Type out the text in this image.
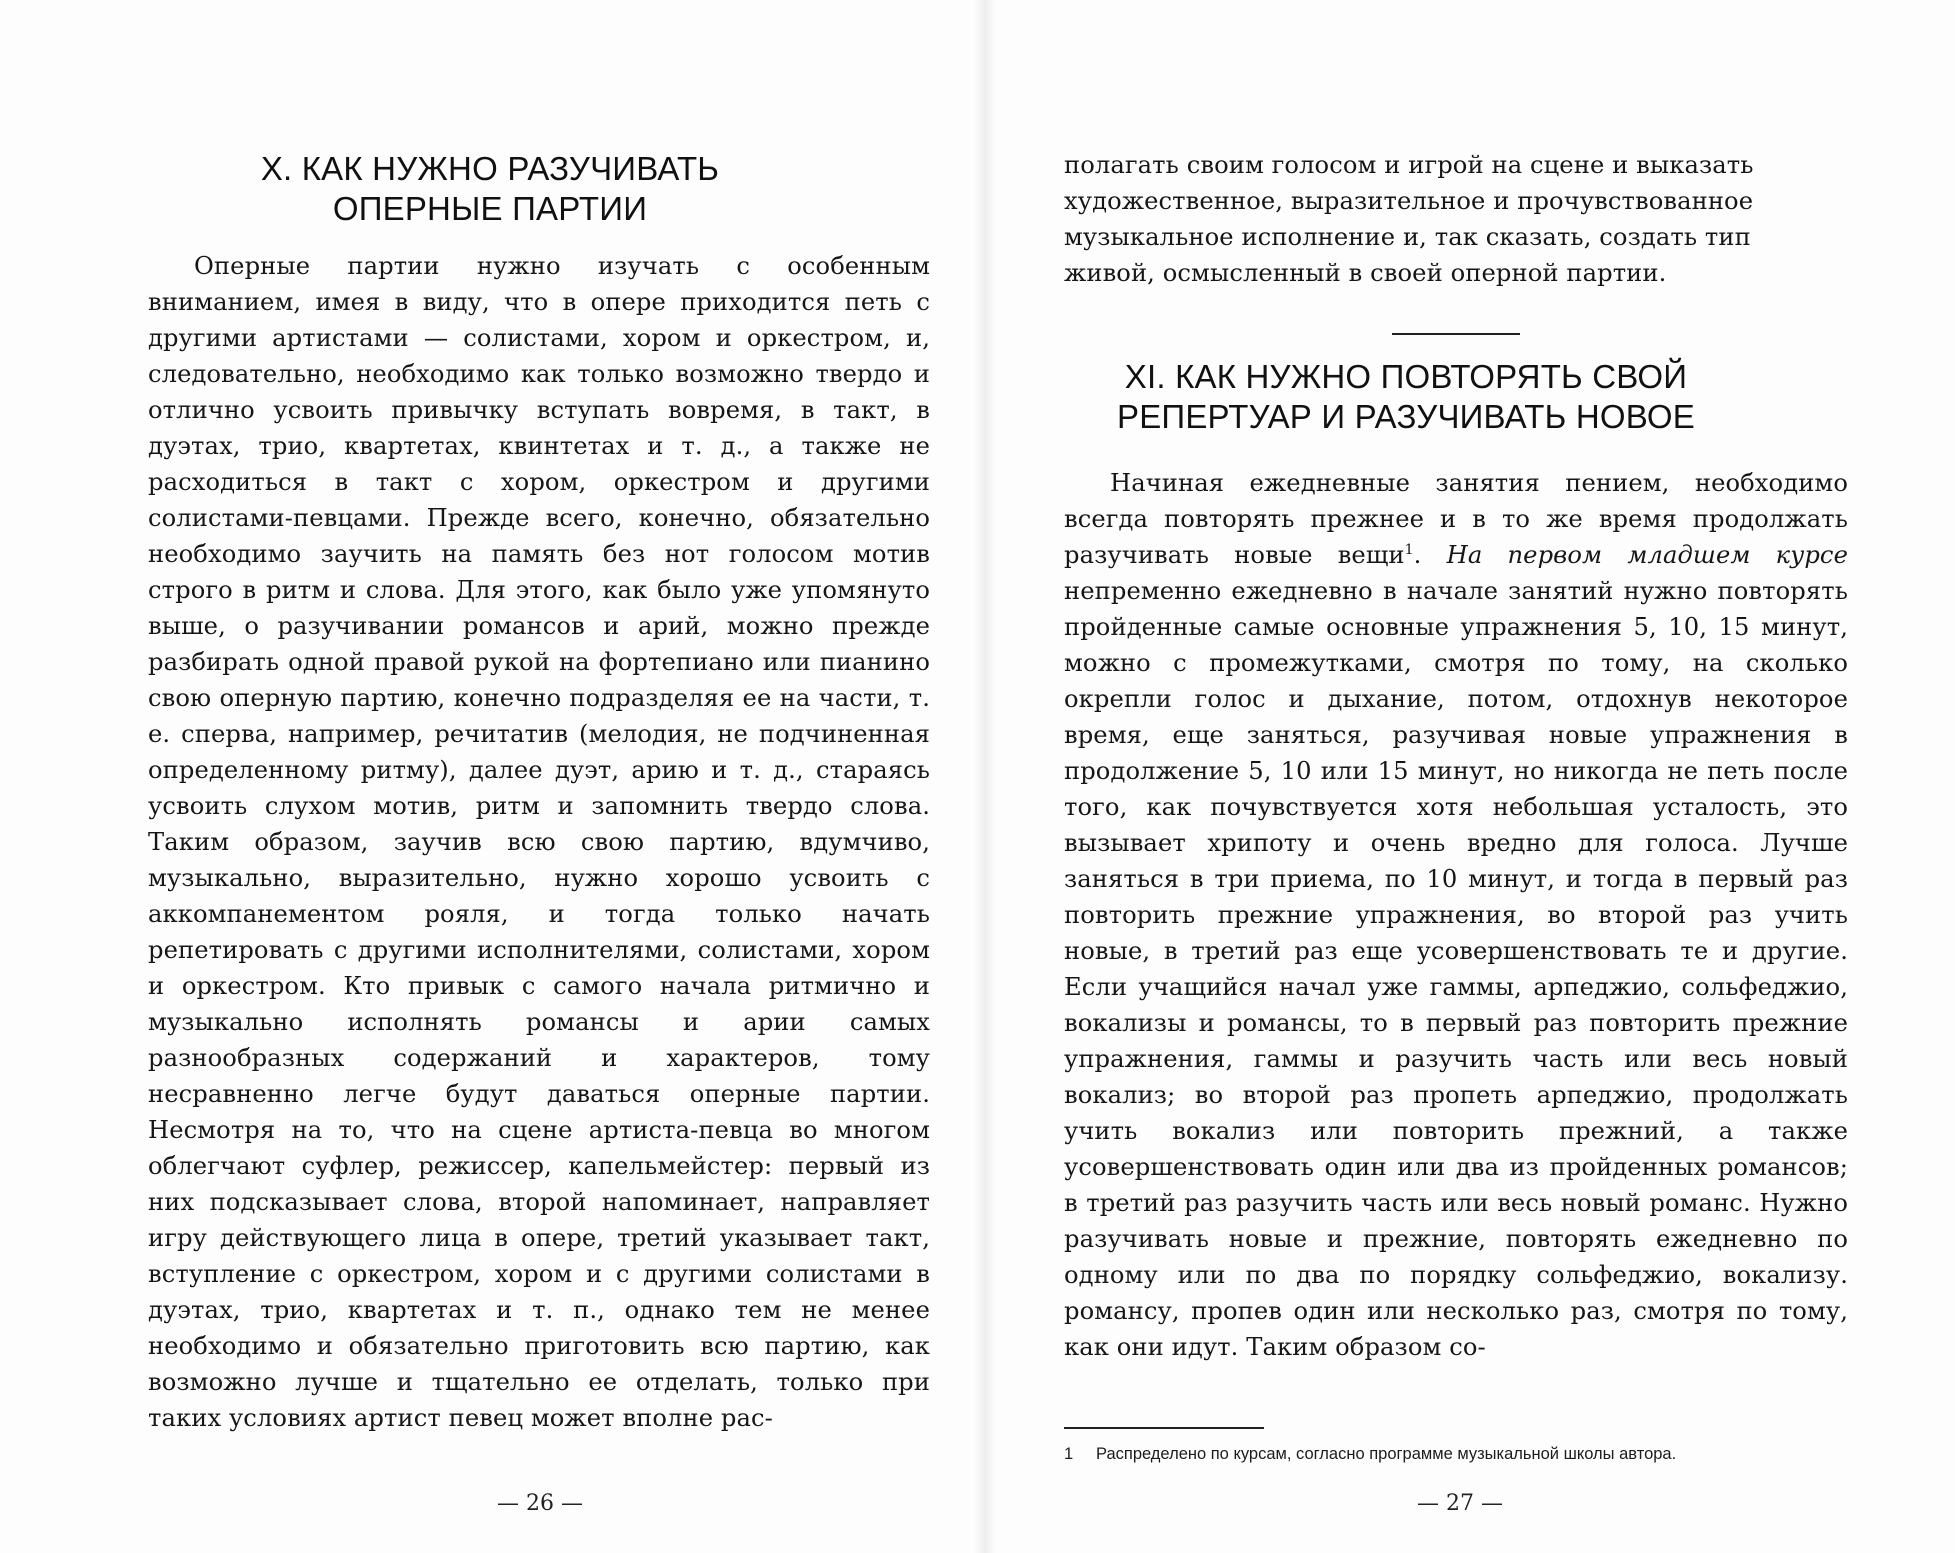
X. КАК НУЖНО РАЗУЧИВАТЬ
ОПЕРНЫЕ ПАРТИИ

Оперные партии нужно изучать с особенным вниманием, имея в виду, что в опере приходится петь с другими артистами — солистами, хором и оркестром, и, следовательно, необходимо как только возможно твердо и отлично усвоить привычку вступать вовремя, в такт, в дуэтах, трио, квартетах, квинтетах и т. д., а также не расходиться в такт с хором, оркестром и другими солистами-певцами. Прежде всего, конечно, обязательно необходимо заучить на память без нот голосом мотив строго в ритм и слова. Для этого, как было уже упомянуто выше, о разучивании романсов и арий, можно прежде разбирать одной правой рукой на фортепиано или пианино свою оперную партию, конечно подразделяя ее на части, т. е. сперва, например, речитатив (мелодия, не подчиненная определенному ритму), далее дуэт, арию и т. д., стараясь усвоить слухом мотив, ритм и запомнить твердо слова. Таким образом, заучив всю свою партию, вдумчиво, музыкально, выразительно, нужно хорошо усвоить с аккомпанементом рояля, и тогда только начать репетировать с другими исполнителями, солистами, хором и оркестром. Кто привык с самого начала ритмично и музыкально исполнять романсы и арии самых разнообразных содержаний и характеров, тому несравненно легче будут даваться оперные партии. Несмотря на то, что на сцене артиста-певца во многом облегчают суфлер, режиссер, капельмейстер: первый из них подсказывает слова, второй напоминает, направляет игру действующего лица в опере, третий указывает такт, вступление с оркестром, хором и с другими солистами в дуэтах, трио, квартетах и т. п., однако тем не менее необходимо и обязательно приготовить всю партию, как возможно лучше и тщательно ее отделать, только при таких условиях артист певец может вполне рас-

— 26 —

полагать своим голосом и игрой на сцене и выказать художественное, выразительное и прочувствованное музыкальное исполнение и, так сказать, создать тип живой, осмысленный в своей оперной партии.

XI. КАК НУЖНО ПОВТОРЯТЬ СВОЙ
РЕПЕРТУАР И РАЗУЧИВАТЬ НОВОЕ

Начиная ежедневные занятия пением, необходимо всегда повторять прежнее и в то же время продолжать разучивать новые вещи$^1$. На первом младшем курсе непременно ежедневно в начале занятий нужно повторять пройденные самые основные упражнения 5, 10, 15 минут, можно с промежутками, смотря по тому, на сколько окрепли голос и дыхание, потом, отдохнув некоторое время, еще заняться, разучивая новые упражнения в продолжение 5, 10 или 15 минут, но никогда не петь после того, как почувствуется хотя небольшая усталость, это вызывает хрипоту и очень вредно для голоса. Лучше заняться в три приема, по 10 минут, и тогда в первый раз повторить прежние упражнения, во второй раз учить новые, в третий раз еще усовершенствовать те и другие. Если учащийся начал уже гаммы, арпеджио, сольфеджио, вокализы и романсы, то в первый раз повторить прежние упражнения, гаммы и разучить часть или весь новый вокализ; во второй раз пропеть арпеджио, продолжать учить вокализ или повторить прежний, а также усовершенствовать один или два из пройденных романсов; в третий раз разучить часть или весь новый романс. Нужно разучивать новые и прежние, повторять ежедневно по одному или по два по порядку сольфеджио, вокализу. романсу, пропев один или несколько раз, смотря по тому, как они идут. Таким образом со-

1 Распределено по курсам, согласно программе музыкальной школы автора.
— 27 —
